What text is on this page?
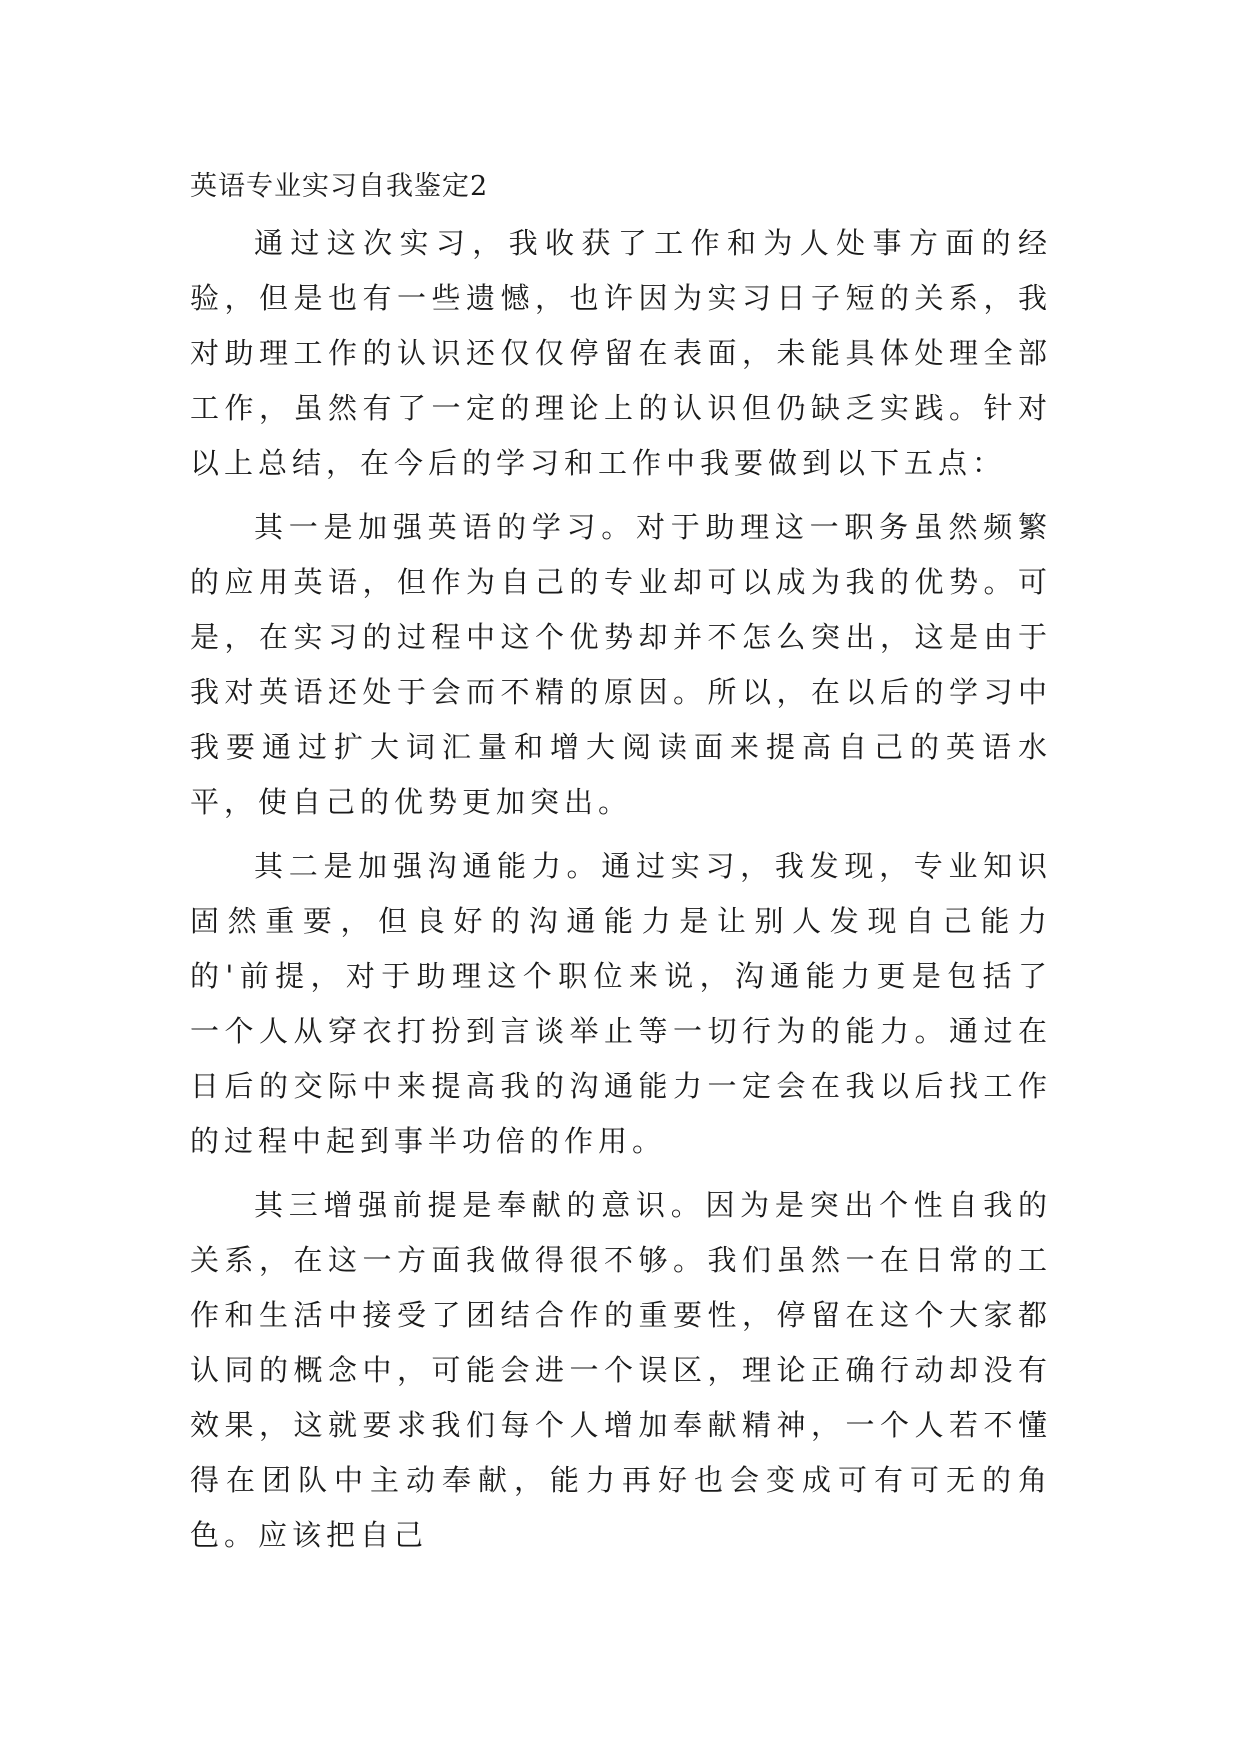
英语专业实习自我鉴定2

通过这次实习，我收获了工作和为人处事方面的经验，但是也有一些遗憾，也许因为实习日子短的关系，我对助理工作的认识还仅仅停留在表面，未能具体处理全部工作，虽然有了一定的理论上的认识但仍缺乏实践。针对以上总结，在今后的学习和工作中我要做到以下五点：

其一是加强英语的学习。对于助理这一职务虽然频繁的应用英语，但作为自己的专业却可以成为我的优势。可是，在实习的过程中这个优势却并不怎么突出，这是由于我对英语还处于会而不精的原因。所以，在以后的学习中我要通过扩大词汇量和增大阅读面来提高自己的英语水平，使自己的优势更加突出。

其二是加强沟通能力。通过实习，我发现，专业知识固然重要，但良好的沟通能力是让别人发现自己能力的'前提，对于助理这个职位来说，沟通能力更是包括了一个人从穿衣打扮到言谈举止等一切行为的能力。通过在日后的交际中来提高我的沟通能力一定会在我以后找工作的过程中起到事半功倍的作用。

其三增强前提是奉献的意识。因为是突出个性自我的关系，在这一方面我做得很不够。我们虽然一在日常的工作和生活中接受了团结合作的重要性，停留在这个大家都认同的概念中，可能会进一个误区，理论正确行动却没有效果，这就要求我们每个人增加奉献精神，一个人若不懂得在团队中主动奉献，能力再好也会变成可有可无的角色。应该把自己
